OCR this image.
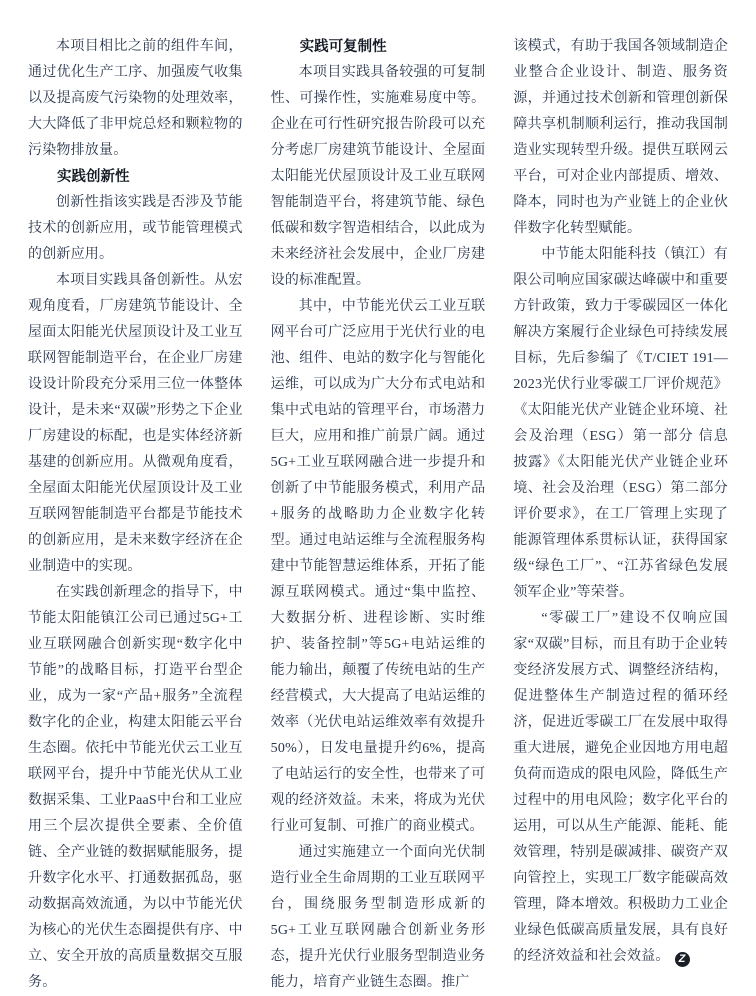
本项目相比之前的组件车间，通过优化生产工序、加强废气收集以及提高废气污染物的处理效率，大大降低了非甲烷总烃和颗粒物的污染物排放量。

实践创新性

创新性指该实践是否涉及节能技术的创新应用，或节能管理模式的创新应用。

本项目实践具备创新性。从宏观角度看，厂房建筑节能设计、全屋面太阳能光伏屋顶设计及工业互联网智能制造平台，在企业厂房建设设计阶段充分采用三位一体整体设计，是未来“双碳”形势之下企业厂房建设的标配，也是实体经济新基建的创新应用。从微观角度看，全屋面太阳能光伏屋顶设计及工业互联网智能制造平台都是节能技术的创新应用，是未来数字经济在企业制造中的实现。

在实践创新理念的指导下，中节能太阳能镇江公司已通过5G+工业互联网融合创新实现“数字化中节能”的战略目标，打造平台型企业，成为一家“产品+服务”全流程数字化的企业，构建太阳能云平台生态圈。依托中节能光伏云工业互联网平台，提升中节能光伏从工业数据采集、工业PaaS中台和工业应用三个层次提供全要素、全价值链、全产业链的数据赋能服务，提升数字化水平、打通数据孤岛，驱动数据高效流通，为以中节能光伏为核心的光伏生态圈提供有序、中立、安全开放的高质量数据交互服务。

实践可复制性

本项目实践具备较强的可复制性、可操作性，实施难易度中等。企业在可行性研究报告阶段可以充分考虑厂房建筑节能设计、全屋面太阳能光伏屋顶设计及工业互联网智能制造平台，将建筑节能、绿色低碳和数字智造相结合，以此成为未来经济社会发展中，企业厂房建设的标准配置。

其中，中节能光伏云工业互联网平台可广泛应用于光伏行业的电池、组件、电站的数字化与智能化运维，可以成为广大分布式电站和集中式电站的管理平台，市场潜力巨大，应用和推广前景广阔。通过5G+工业互联网融合进一步提升和创新了中节能服务模式，利用产品+服务的战略助力企业数字化转型。通过电站运维与全流程服务构建中节能智慧运维体系，开拓了能源互联网模式。通过“集中监控、大数据分析、进程诊断、实时维护、装备控制”等5G+电站运维的能力输出，颠覆了传统电站的生产经营模式，大大提高了电站运维的效率（光伏电站运维效率有效提升50%），日发电量提升约6%，提高了电站运行的安全性，也带来了可观的经济效益。未来，将成为光伏行业可复制、可推广的商业模式。

通过实施建立一个面向光伏制造行业全生命周期的工业互联网平台，围绕服务型制造形成新的5G+工业互联网融合创新业务形态，提升光伏行业服务型制造业务能力，培育产业链生态圈。推广

该模式，有助于我国各领域制造企业整合企业设计、制造、服务资源，并通过技术创新和管理创新保障共享机制顺利运行，推动我国制造业实现转型升级。提供互联网云平台，可对企业内部提质、增效、降本，同时也为产业链上的企业伙伴数字化转型赋能。

中节能太阳能科技（镇江）有限公司响应国家碳达峰碳中和重要方针政策，致力于零碳园区一体化解决方案履行企业绿色可持续发展目标，先后参编了《T/CIET 191—2023光伏行业零碳工厂评价规范》《太阳能光伏产业链企业环境、社会及治理（ESG）第一部分 信息披露》《太阳能光伏产业链企业环境、社会及治理（ESG）第二部分 评价要求》，在工厂管理上实现了能源管理体系贯标认证，获得国家级“绿色工厂”、“江苏省绿色发展领军企业”等荣誉。

“零碳工厂”建设不仅响应国家“双碳”目标，而且有助于企业转变经济发展方式、调整经济结构，促进整体生产制造过程的循环经济，促进近零碳工厂在发展中取得重大进展，避免企业因地方用电超负荷而造成的限电风险，降低生产过程中的用电风险；数字化平台的运用，可以从生产能源、能耗、能效管理，特别是碳减排、碳资产双向管控上，实现工厂数字能碳高效管理，降本增效。积极助力工业企业绿色低碳高质量发展，具有良好的经济效益和社会效益。 Z
